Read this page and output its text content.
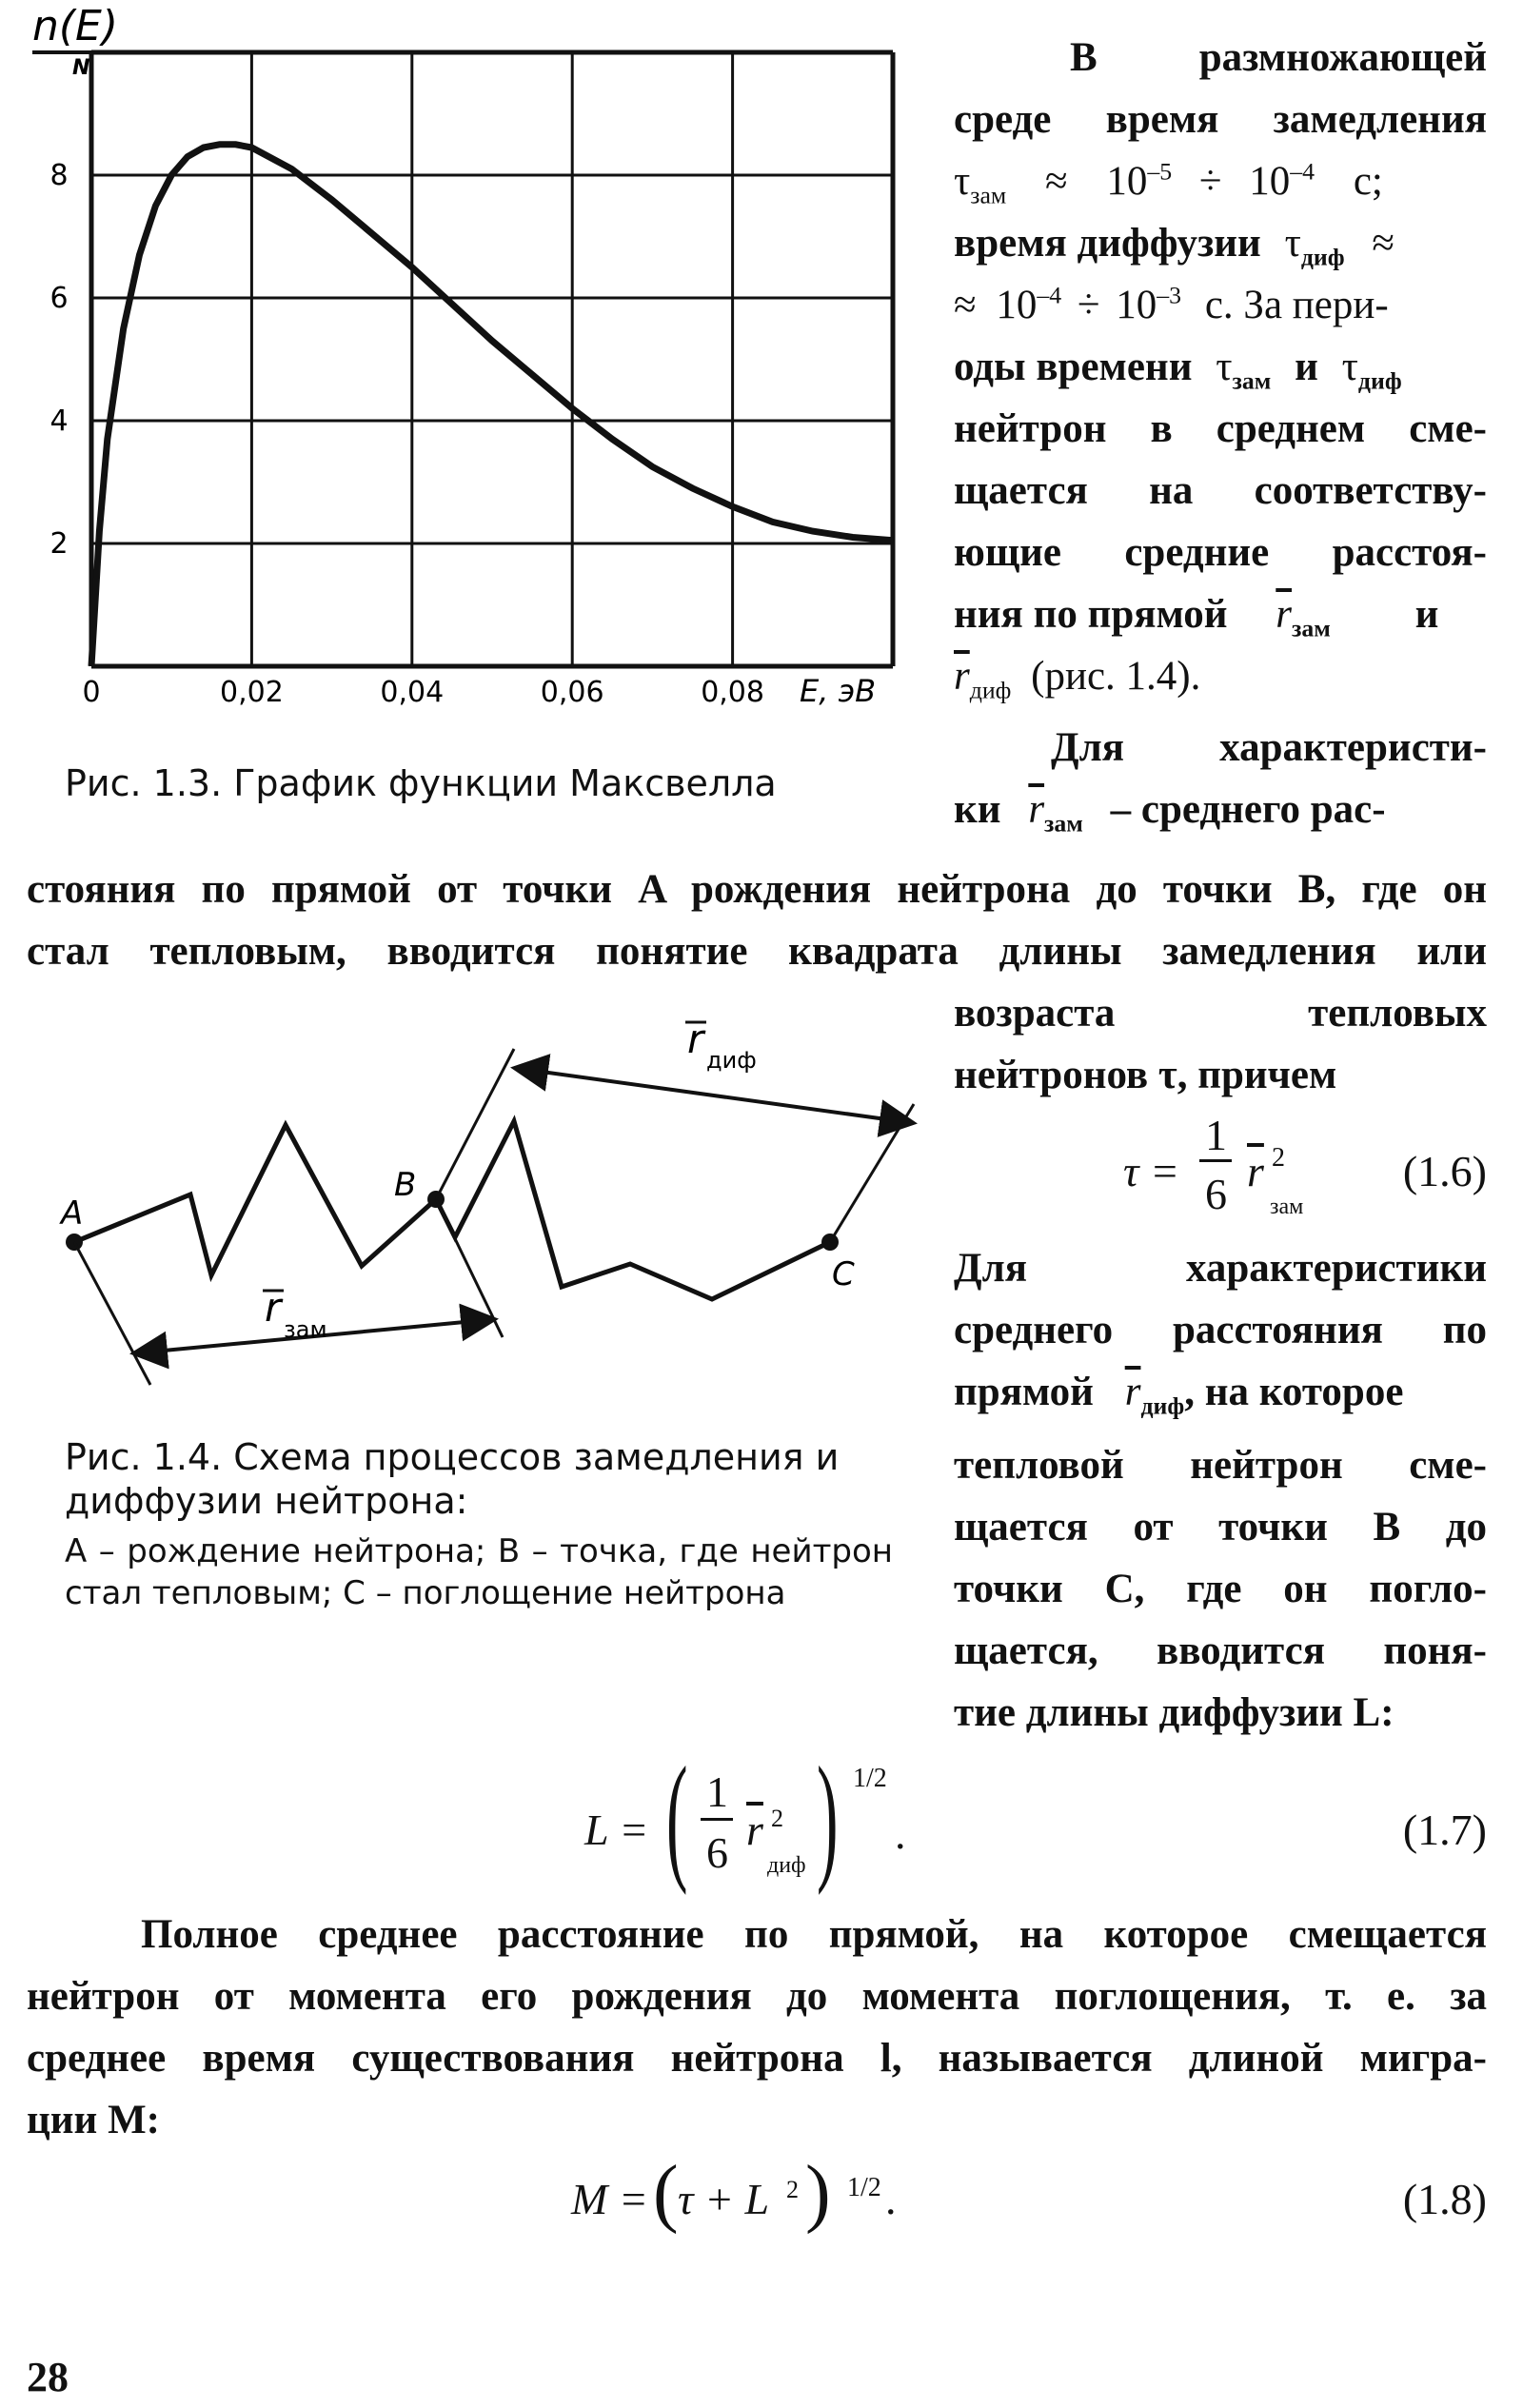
0	0,02	0,04	0,06	0,08
2
4
6
8
E, эВ
n(E)
N
Рис. 1.3. График функции Максвелла
В размножающей
среде время замедления
$\tau_{зам} \approx 10^{-5} \div 10^{-4}$ с;
время диффузии $\tau_{диф}$ ≈
≈ $10^{-4} \div 10^{-3}$ с. За пери-
оды времени $\tau_{зам}$ и $\tau_{диф}$
нейтрон в среднем сме-
щается на соответству-
ющие средние расстоя-
ния по прямой $\overline{r}_{зам}$ и
$\overline{r}_{диф}$ (рис. 1.4).
Для характеристи-
ки $\overline{r}_{зам}$ – среднего рас-
стояния по прямой от точки A рождения нейтрона до точки B, где он
стал тепловым, вводится понятие квадрата длины замедления или
A
B
C
r зам
r диф
Рис. 1.4. Схема процессов замедления и диффузии нейтрона:
A – рождение нейтрона; B – точка, где нейтрон стал тепловым; C – поглощение нейтрона
возраста	тепловых
нейтронов τ, причем
τ =
1
6 $\overline{r}$ 2
зам
(1.6)
Для	характеристики
среднего расстояния по
прямой $\overline{r}_{диф}$, на которое
тепловой нейтрон сме-
щается от точки B до
точки C, где он погло-
щается, вводится поня-
тие длины диффузии L:
L = ( 1
6 $\overline{r}$ 2
диф ) 1/2
.	(1.7)
Полное среднее расстояние по прямой, на которое смещается
нейтрон от момента его рождения до момента поглощения, т. е. за
среднее время существования нейтрона l, называется длиной мигра-
ции M:
M = ( τ + L 2 ) 1/2 .	(1.8)
28
